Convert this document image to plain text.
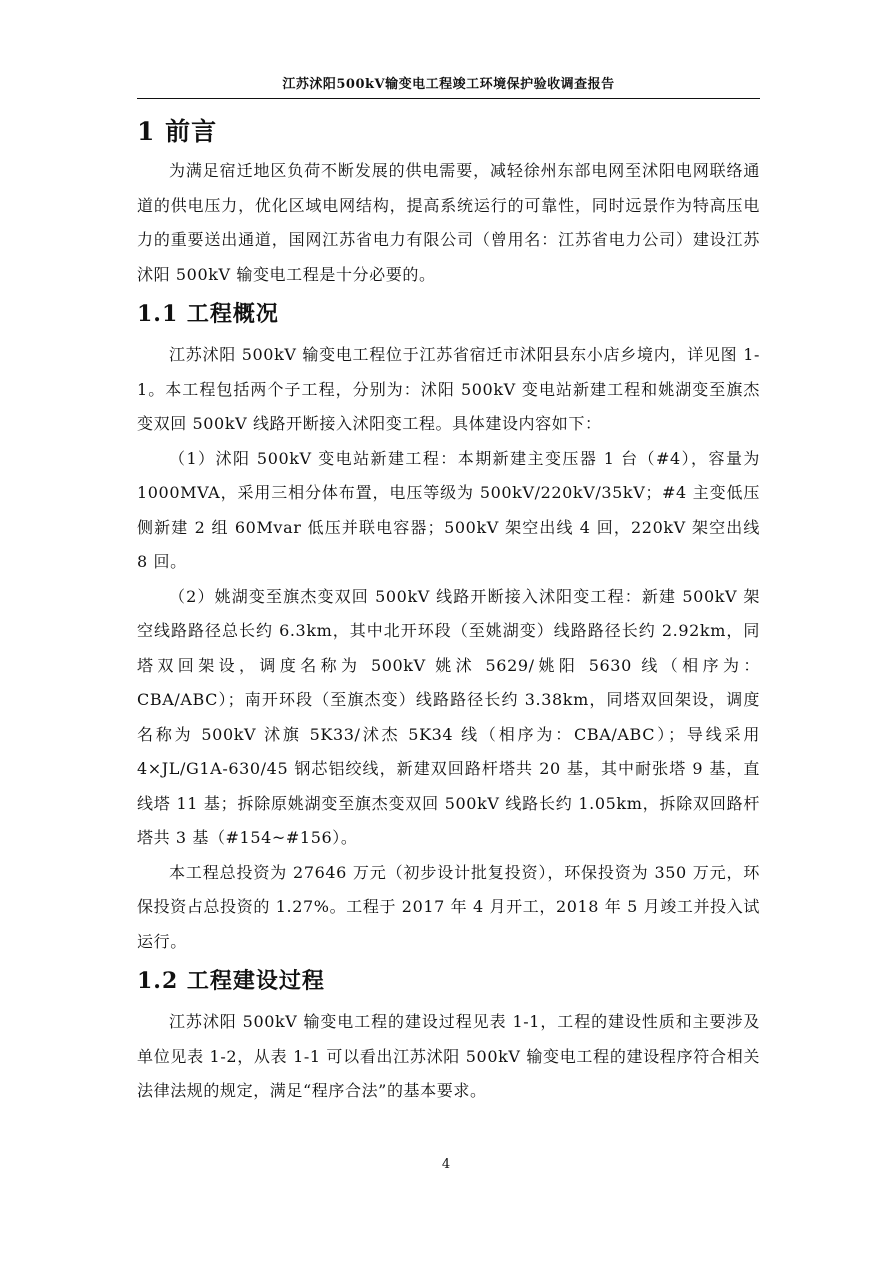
江苏沭阳500kV输变电工程竣工环境保护验收调查报告
1 前言

为满足宿迁地区负荷不断发展的供电需要，减轻徐州东部电网至沭阳电网联络通道的供电压力，优化区域电网结构，提高系统运行的可靠性，同时远景作为特高压电力的重要送出通道，国网江苏省电力有限公司（曾用名：江苏省电力公司）建设江苏沭阳 500kV 输变电工程是十分必要的。

1.1 工程概况

江苏沭阳 500kV 输变电工程位于江苏省宿迁市沭阳县东小店乡境内，详见图 1-1。本工程包括两个子工程，分别为：沭阳 500kV 变电站新建工程和姚湖变至旗杰变双回 500kV 线路开断接入沭阳变工程。具体建设内容如下：

（1）沭阳 500kV 变电站新建工程：本期新建主变压器 1 台（#4），容量为 1000MVA，采用三相分体布置，电压等级为 500kV/220kV/35kV；#4 主变低压侧新建 2 组 60Mvar 低压并联电容器；500kV 架空出线 4 回，220kV 架空出线 8 回。

（2）姚湖变至旗杰变双回 500kV 线路开断接入沭阳变工程：新建 500kV 架空线路路径总长约 6.3km，其中北开环段（至姚湖变）线路路径长约 2.92km，同塔双回架设，调度名称为 500kV 姚沭 5629/姚阳 5630 线（相序为：CBA/ABC）；南开环段（至旗杰变）线路路径长约 3.38km，同塔双回架设，调度名称为 500kV 沭旗 5K33/沭杰 5K34 线（相序为：CBA/ABC）；导线采用 4×JL/G1A-630/45 钢芯铝绞线，新建双回路杆塔共 20 基，其中耐张塔 9 基，直线塔 11 基；拆除原姚湖变至旗杰变双回 500kV 线路长约 1.05km，拆除双回路杆塔共 3 基（#154~#156）。

本工程总投资为 27646 万元（初步设计批复投资），环保投资为 350 万元，环保投资占总投资的 1.27%。工程于 2017 年 4 月开工，2018 年 5 月竣工并投入试运行。

1.2 工程建设过程

江苏沭阳 500kV 输变电工程的建设过程见表 1-1，工程的建设性质和主要涉及单位见表 1-2，从表 1-1 可以看出江苏沭阳 500kV 输变电工程的建设程序符合相关法律法规的规定，满足“程序合法”的基本要求。

4
